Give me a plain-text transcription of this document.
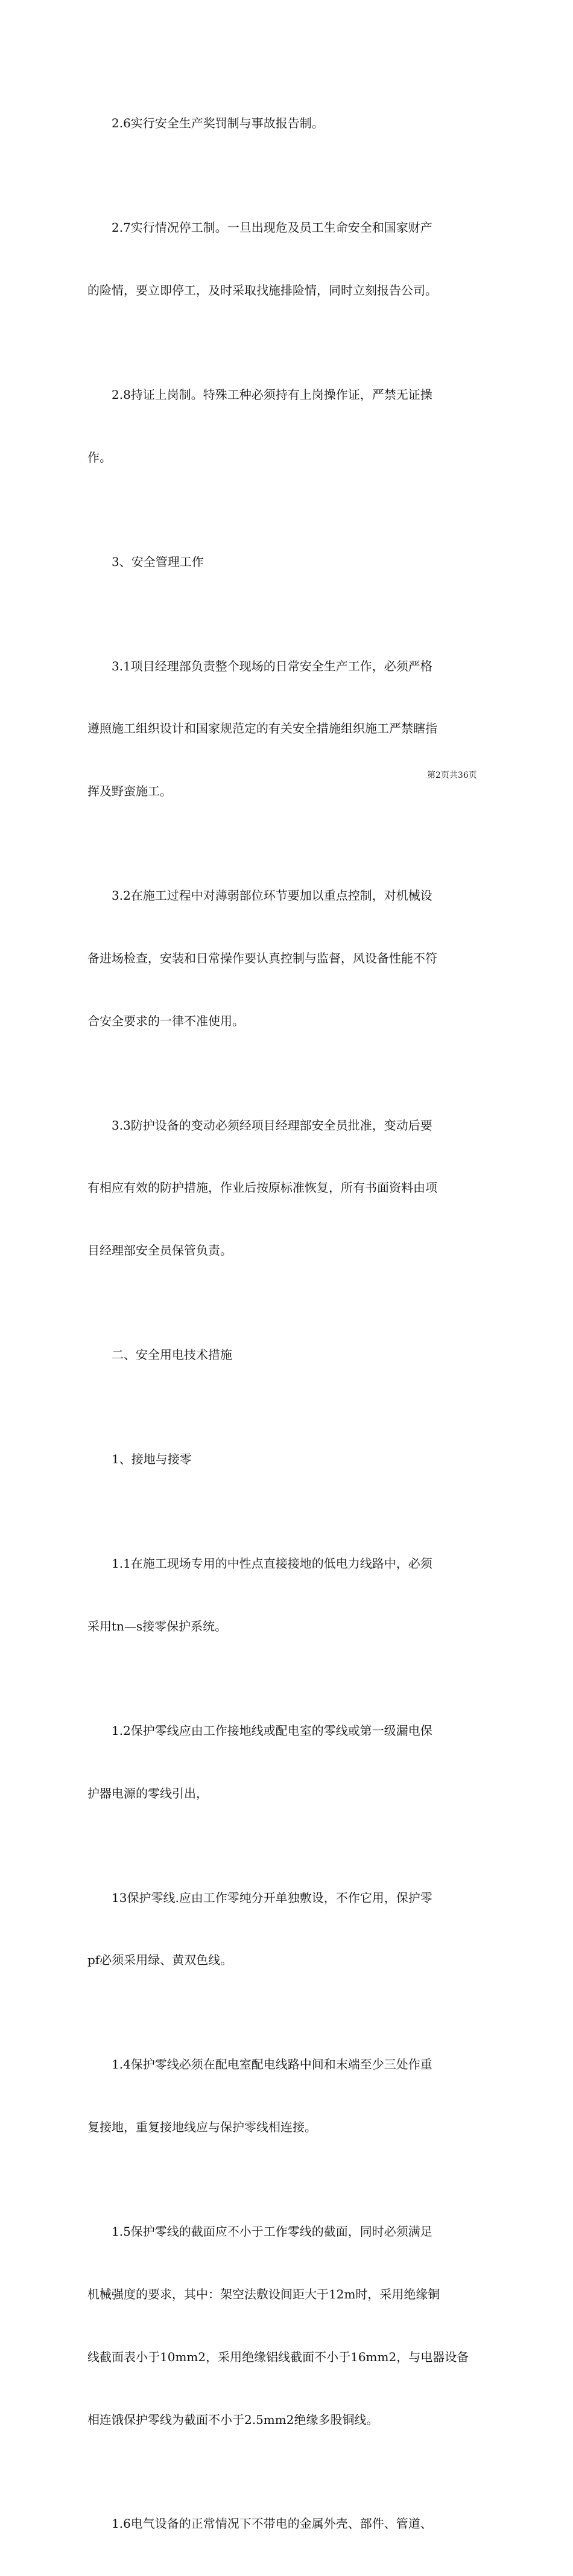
2.6实行安全生产奖罚制与事故报告制。

2.7实行情况停工制。一旦出现危及员工生命安全和国家财产

的险情，要立即停工，及时采取找施排险情，同时立刻报告公司。

2.8持证上岗制。特殊工种必须持有上岗操作证，严禁无证操

作。

3、安全管理工作

3.1项目经理部负责整个现场的日常安全生产工作，必须严格

遵照施工组织设计和国家规范定的有关安全措施组织施工严禁瞎指

挥及野蛮施工。

3.2在施工过程中对薄弱部位环节要加以重点控制，对机械设

备进场检查，安装和日常操作要认真控制与监督，风设备性能不符

合安全要求的一律不准使用。

3.3防护设备的变动必须经项目经理部安全员批准，变动后要

有相应有效的防护措施，作业后按原标准恢复，所有书面资料由项

目经理部安全员保管负责。

二、安全用电技术措施

1、接地与接零

1.1在施工现场专用的中性点直接接地的低电力线路中，必须

采用tn—s接零保护系统。

1.2保护零线应由工作接地线或配电室的零线或第一级漏电保

护器电源的零线引出，

13保护零线.应由工作零纯分开单独敷设，不作它用，保护零

pf必须采用绿、黄双色线。

1.4保护零线必须在配电室配电线路中间和末端至少三处作重

复接地，重复接地线应与保护零线相连接。

1.5保护零线的截面应不小于工作零线的截面，同时必须满足

机械强度的要求，其中：架空法敷设间距大于12m时，采用绝缘铜

线截面表小于10mm2，采用绝缘铝线截面不小于16mm2，与电器设备

相连饿保护零线为截面不小于2.5mm2绝缘多股铜线。

1.6电气设备的正常情况下不带电的金属外壳、部件、管道、

第2页共36页
